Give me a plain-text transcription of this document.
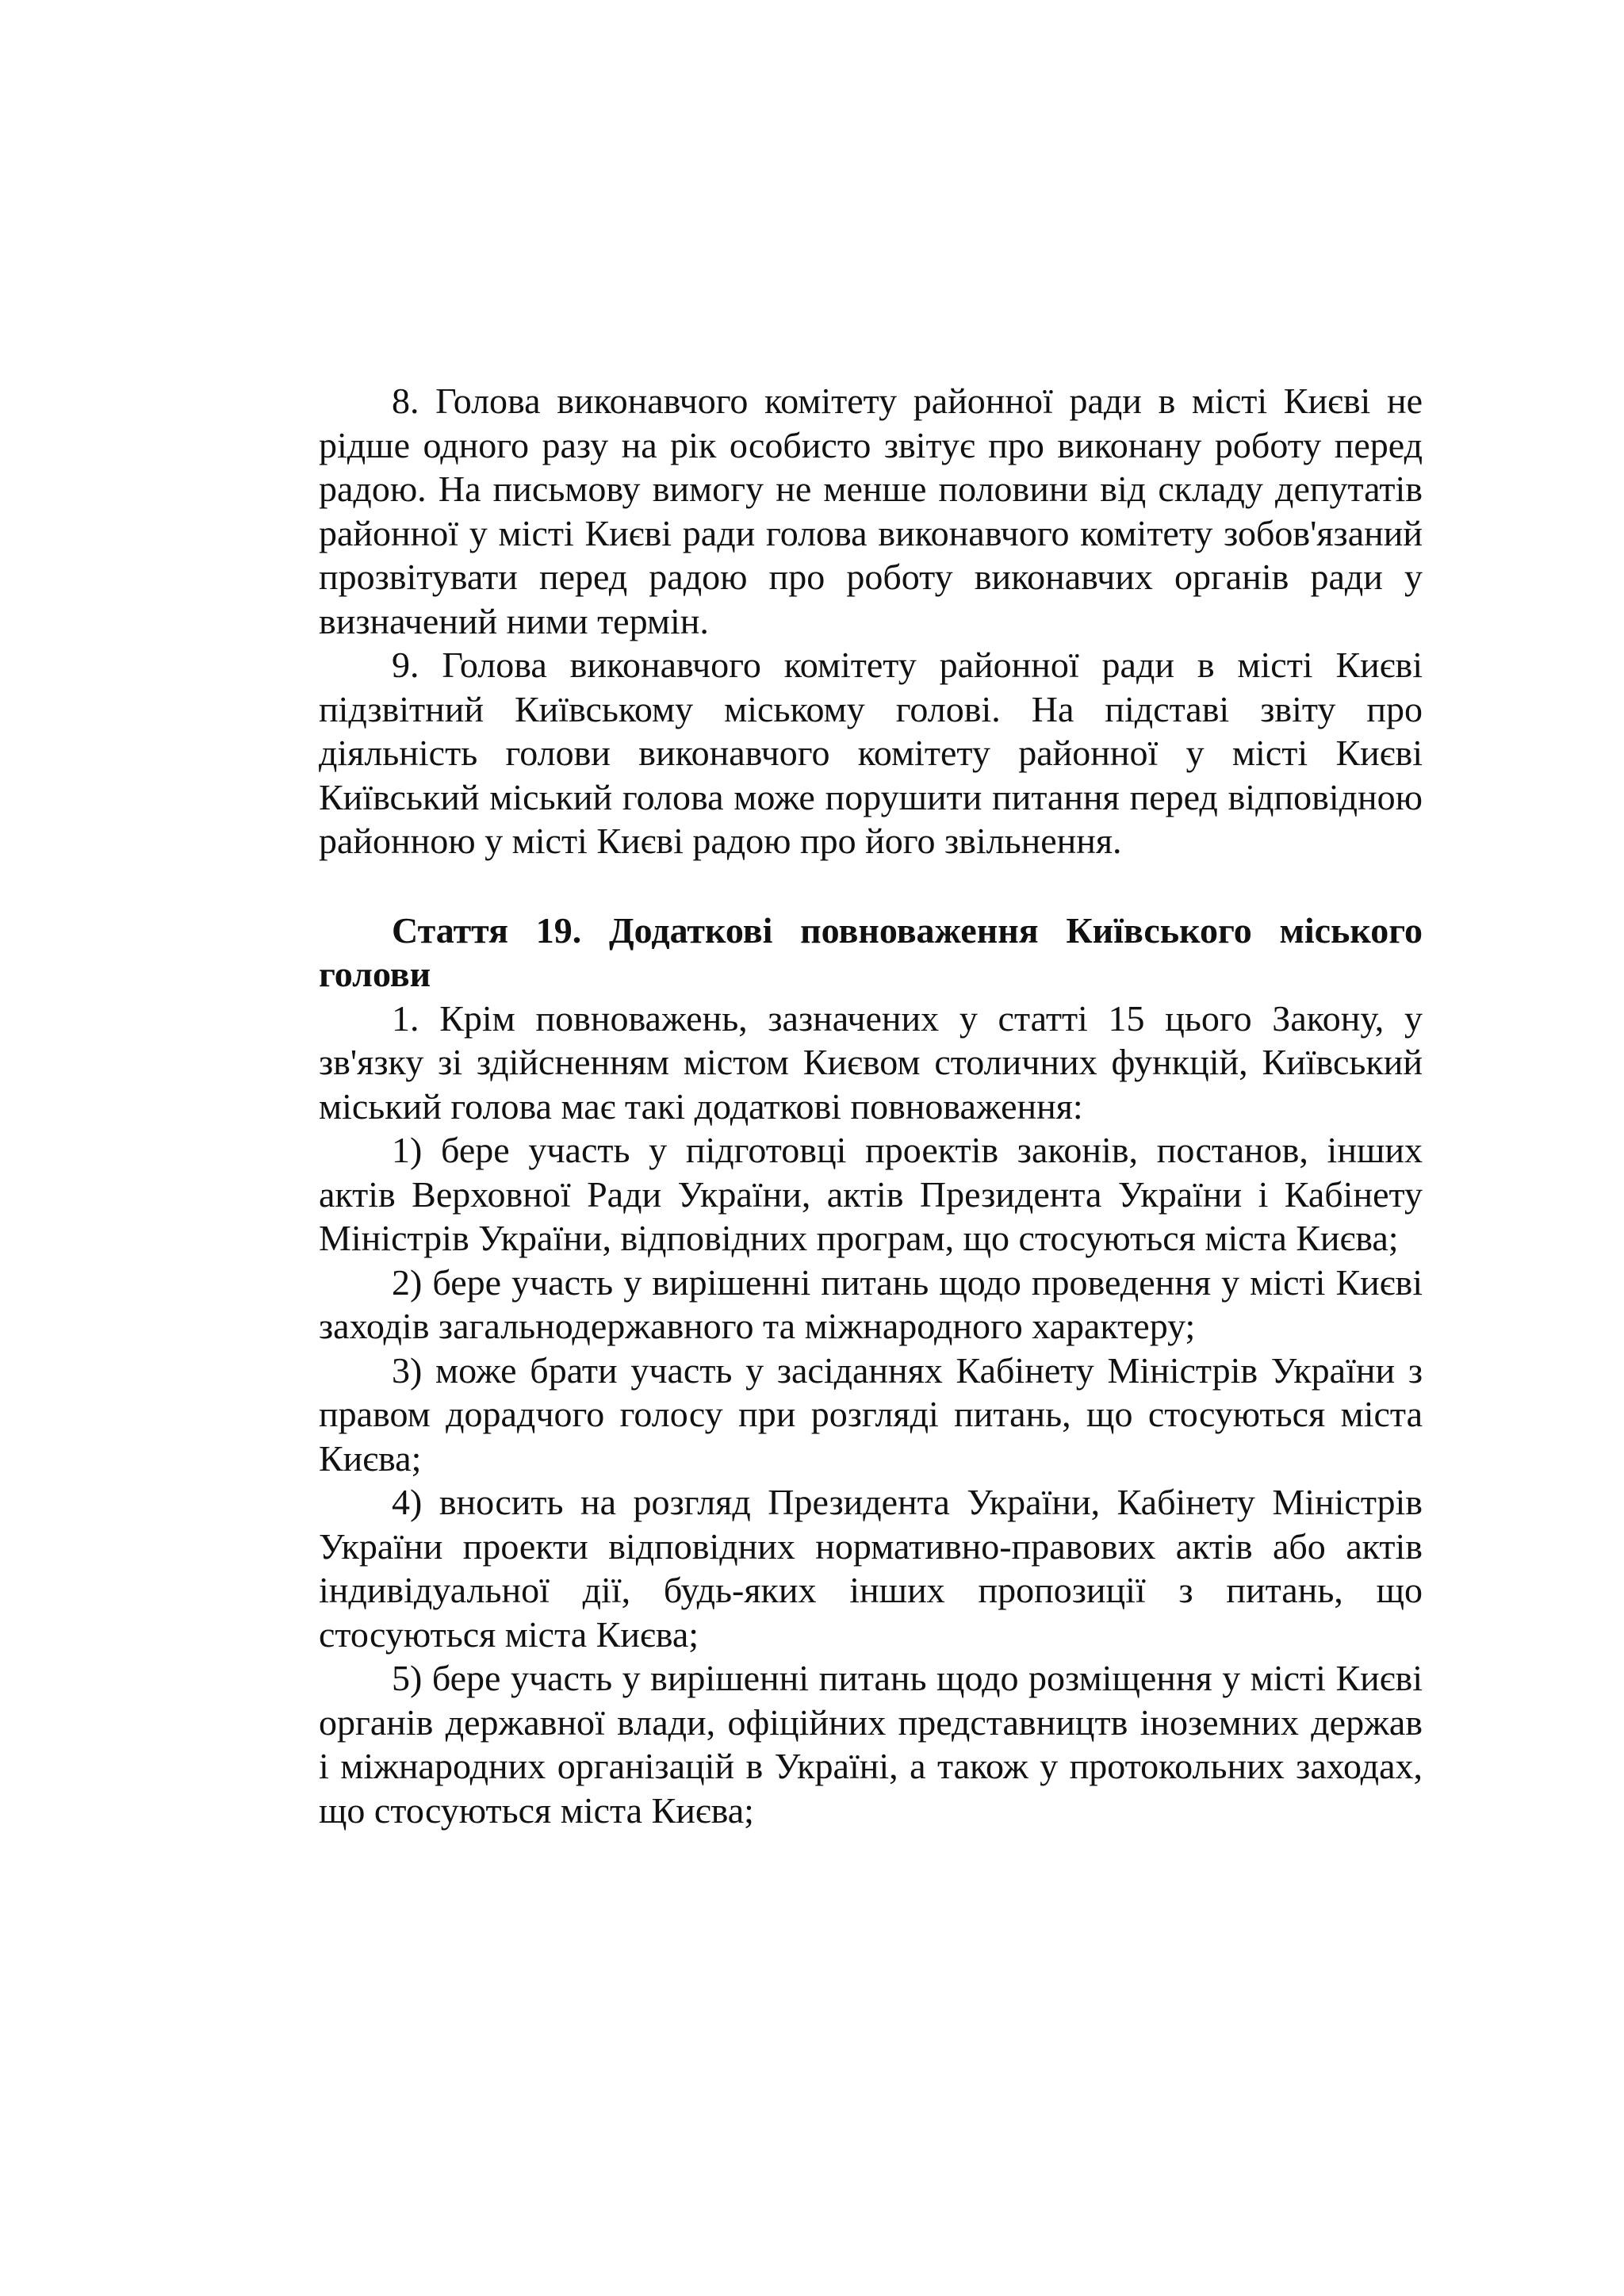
8. Голова виконавчого комітету районної ради в місті Києві не рідше одного разу на рік особисто звітує про виконану роботу перед радою. На письмову вимогу не менше половини від складу депутатів районної у місті Києві ради голова виконавчого комітету зобов'язаний прозвітувати перед радою про роботу виконавчих органів ради у визначений ними термін.

9. Голова виконавчого комітету районної ради в місті Києві підзвітний Київському міському голові. На підставі звіту про діяльність голови виконавчого комітету районної у місті Києві Київський міський голова може порушити питання перед відповідною районною у місті Києві радою про його звільнення.

Стаття 19. Додаткові повноваження Київського міського голови

1. Крім повноважень, зазначених у статті 15 цього Закону, у зв'язку зі здійсненням містом Києвом столичних функцій, Київський міський голова має такі додаткові повноваження:

1) бере участь у підготовці проектів законів, постанов, інших актів Верховної Ради України, актів Президента України і Кабінету Міністрів України, відповідних програм, що стосуються міста Києва;

2) бере участь у вирішенні питань щодо проведення у місті Києві заходів загальнодержавного та міжнародного характеру;

3) може брати участь у засіданнях Кабінету Міністрів України з правом дорадчого голосу при розгляді питань, що стосуються міста Києва;

4) вносить на розгляд Президента України, Кабінету Міністрів України проекти відповідних нормативно-правових актів або актів індивідуальної дії, будь-яких інших пропозиції з питань, що стосуються міста Києва;

5) бере участь у вирішенні питань щодо розміщення у місті Києві органів державної влади, офіційних представництв іноземних держав і міжнародних організацій в Україні, а також у протокольних заходах, що стосуються міста Києва;
